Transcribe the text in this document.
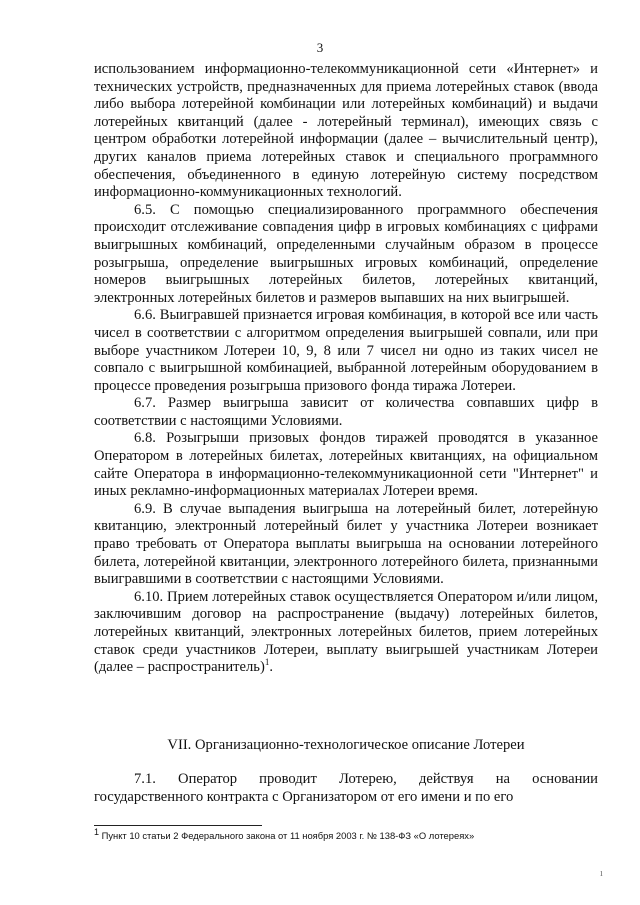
3

использованием информационно-телекоммуникационной сети «Интернет» и технических устройств, предназначенных для приема лотерейных ставок (ввода либо выбора лотерейной комбинации или лотерейных комбинаций) и выдачи лотерейных квитанций (далее - лотерейный терминал), имеющих связь с центром обработки лотерейной информации (далее – вычислительный центр), других каналов приема лотерейных ставок и специального программного обеспечения, объединенного в единую лотерейную систему посредством информационно-коммуникационных технологий.

6.5. С помощью специализированного программного обеспечения происходит отслеживание совпадения цифр в игровых комбинациях с цифрами выигрышных комбинаций, определенными случайным образом в процессе розыгрыша, определение выигрышных игровых комбинаций, определение номеров выигрышных лотерейных билетов, лотерейных квитанций, электронных лотерейных билетов и размеров выпавших на них выигрышей.

6.6. Выигравшей признается игровая комбинация, в которой все или часть чисел в соответствии с алгоритмом определения выигрышей совпали, или при выборе участником Лотереи 10, 9, 8 или 7 чисел ни одно из таких чисел не совпало с выигрышной комбинацией, выбранной лотерейным оборудованием в процессе проведения розыгрыша призового фонда тиража Лотереи.

6.7. Размер выигрыша зависит от количества совпавших цифр в соответствии с настоящими Условиями.

6.8. Розыгрыши призовых фондов тиражей проводятся в указанное Оператором в лотерейных билетах, лотерейных квитанциях, на официальном сайте Оператора в информационно-телекоммуникационной сети "Интернет" и иных рекламно-информационных материалах Лотереи время.

6.9. В случае выпадения выигрыша на лотерейный билет, лотерейную квитанцию, электронный лотерейный билет у участника Лотереи возникает право требовать от Оператора выплаты выигрыша на основании лотерейного билета, лотерейной квитанции, электронного лотерейного билета, признанными выигравшими в соответствии с настоящими Условиями.

6.10. Прием лотерейных ставок осуществляется Оператором и/или лицом, заключившим договор на распространение (выдачу) лотерейных билетов, лотерейных квитанций, электронных лотерейных билетов, прием лотерейных ставок среди участников Лотереи, выплату выигрышей участникам Лотереи (далее – распространитель)$^1$.

VII. Организационно-технологическое описание Лотереи
7.1. Оператор проводит Лотерею, действуя на основании государственного контракта с Организатором от его имени и по его
$^1$ Пункт 10 статьи 2 Федерального закона от 11 ноября 2003 г. № 138-ФЗ «О лотереях»
ı
